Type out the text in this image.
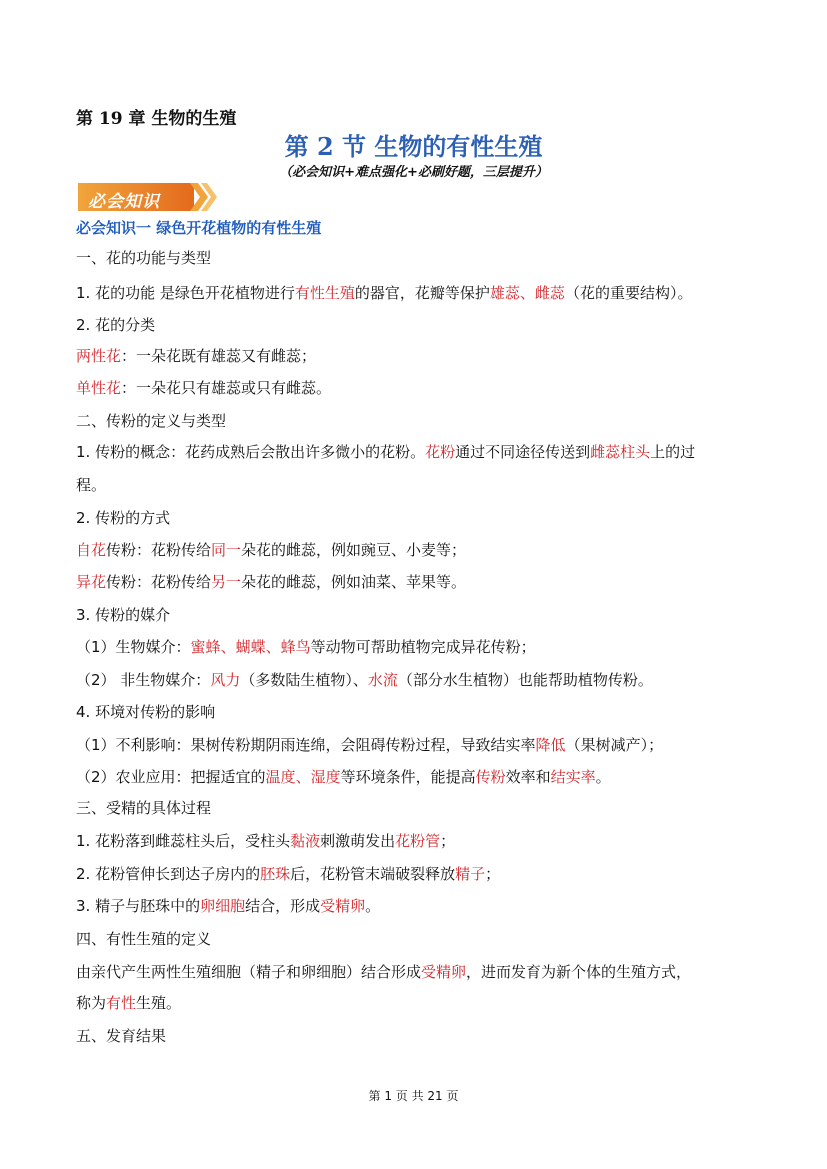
第 19 章 生物的生殖
第 2 节 生物的有性生殖
（必会知识+难点强化+必刷好题，三层提升）
必会知识
必会知识一 绿色开花植物的有性生殖
一、花的功能与类型
1. 花的功能 是绿色开花植物进行有性生殖的器官，花瓣等保护雄蕊、雌蕊（花的重要结构）。
2. 花的分类
两性花：一朵花既有雄蕊又有雌蕊；
单性花：一朵花只有雄蕊或只有雌蕊。
二、传粉的定义与类型
1. 传粉的概念：花药成熟后会散出许多微小的花粉。花粉通过不同途径传送到雌蕊柱头上的过
程。
2. 传粉的方式
自花传粉：花粉传给同一朵花的雌蕊，例如豌豆、小麦等；
异花传粉：花粉传给另一朵花的雌蕊，例如油菜、苹果等。
3. 传粉的媒介
（1）生物媒介：蜜蜂、蝴蝶、蜂鸟等动物可帮助植物完成异花传粉；
（2） 非生物媒介：风力（多数陆生植物）、水流（部分水生植物）也能帮助植物传粉。
4. 环境对传粉的影响
（1）不利影响：果树传粉期阴雨连绵，会阻碍传粉过程，导致结实率降低（果树减产）；
（2）农业应用：把握适宜的温度、湿度等环境条件，能提高传粉效率和结实率。
三、受精的具体过程
1. 花粉落到雌蕊柱头后，受柱头黏液刺激萌发出花粉管；
2. 花粉管伸长到达子房内的胚珠后，花粉管末端破裂释放精子；
3. 精子与胚珠中的卵细胞结合，形成受精卵。
四、有性生殖的定义
由亲代产生两性生殖细胞（精子和卵细胞）结合形成受精卵，进而发育为新个体的生殖方式，
称为有性生殖。
五、发育结果
第 1 页 共 21 页
